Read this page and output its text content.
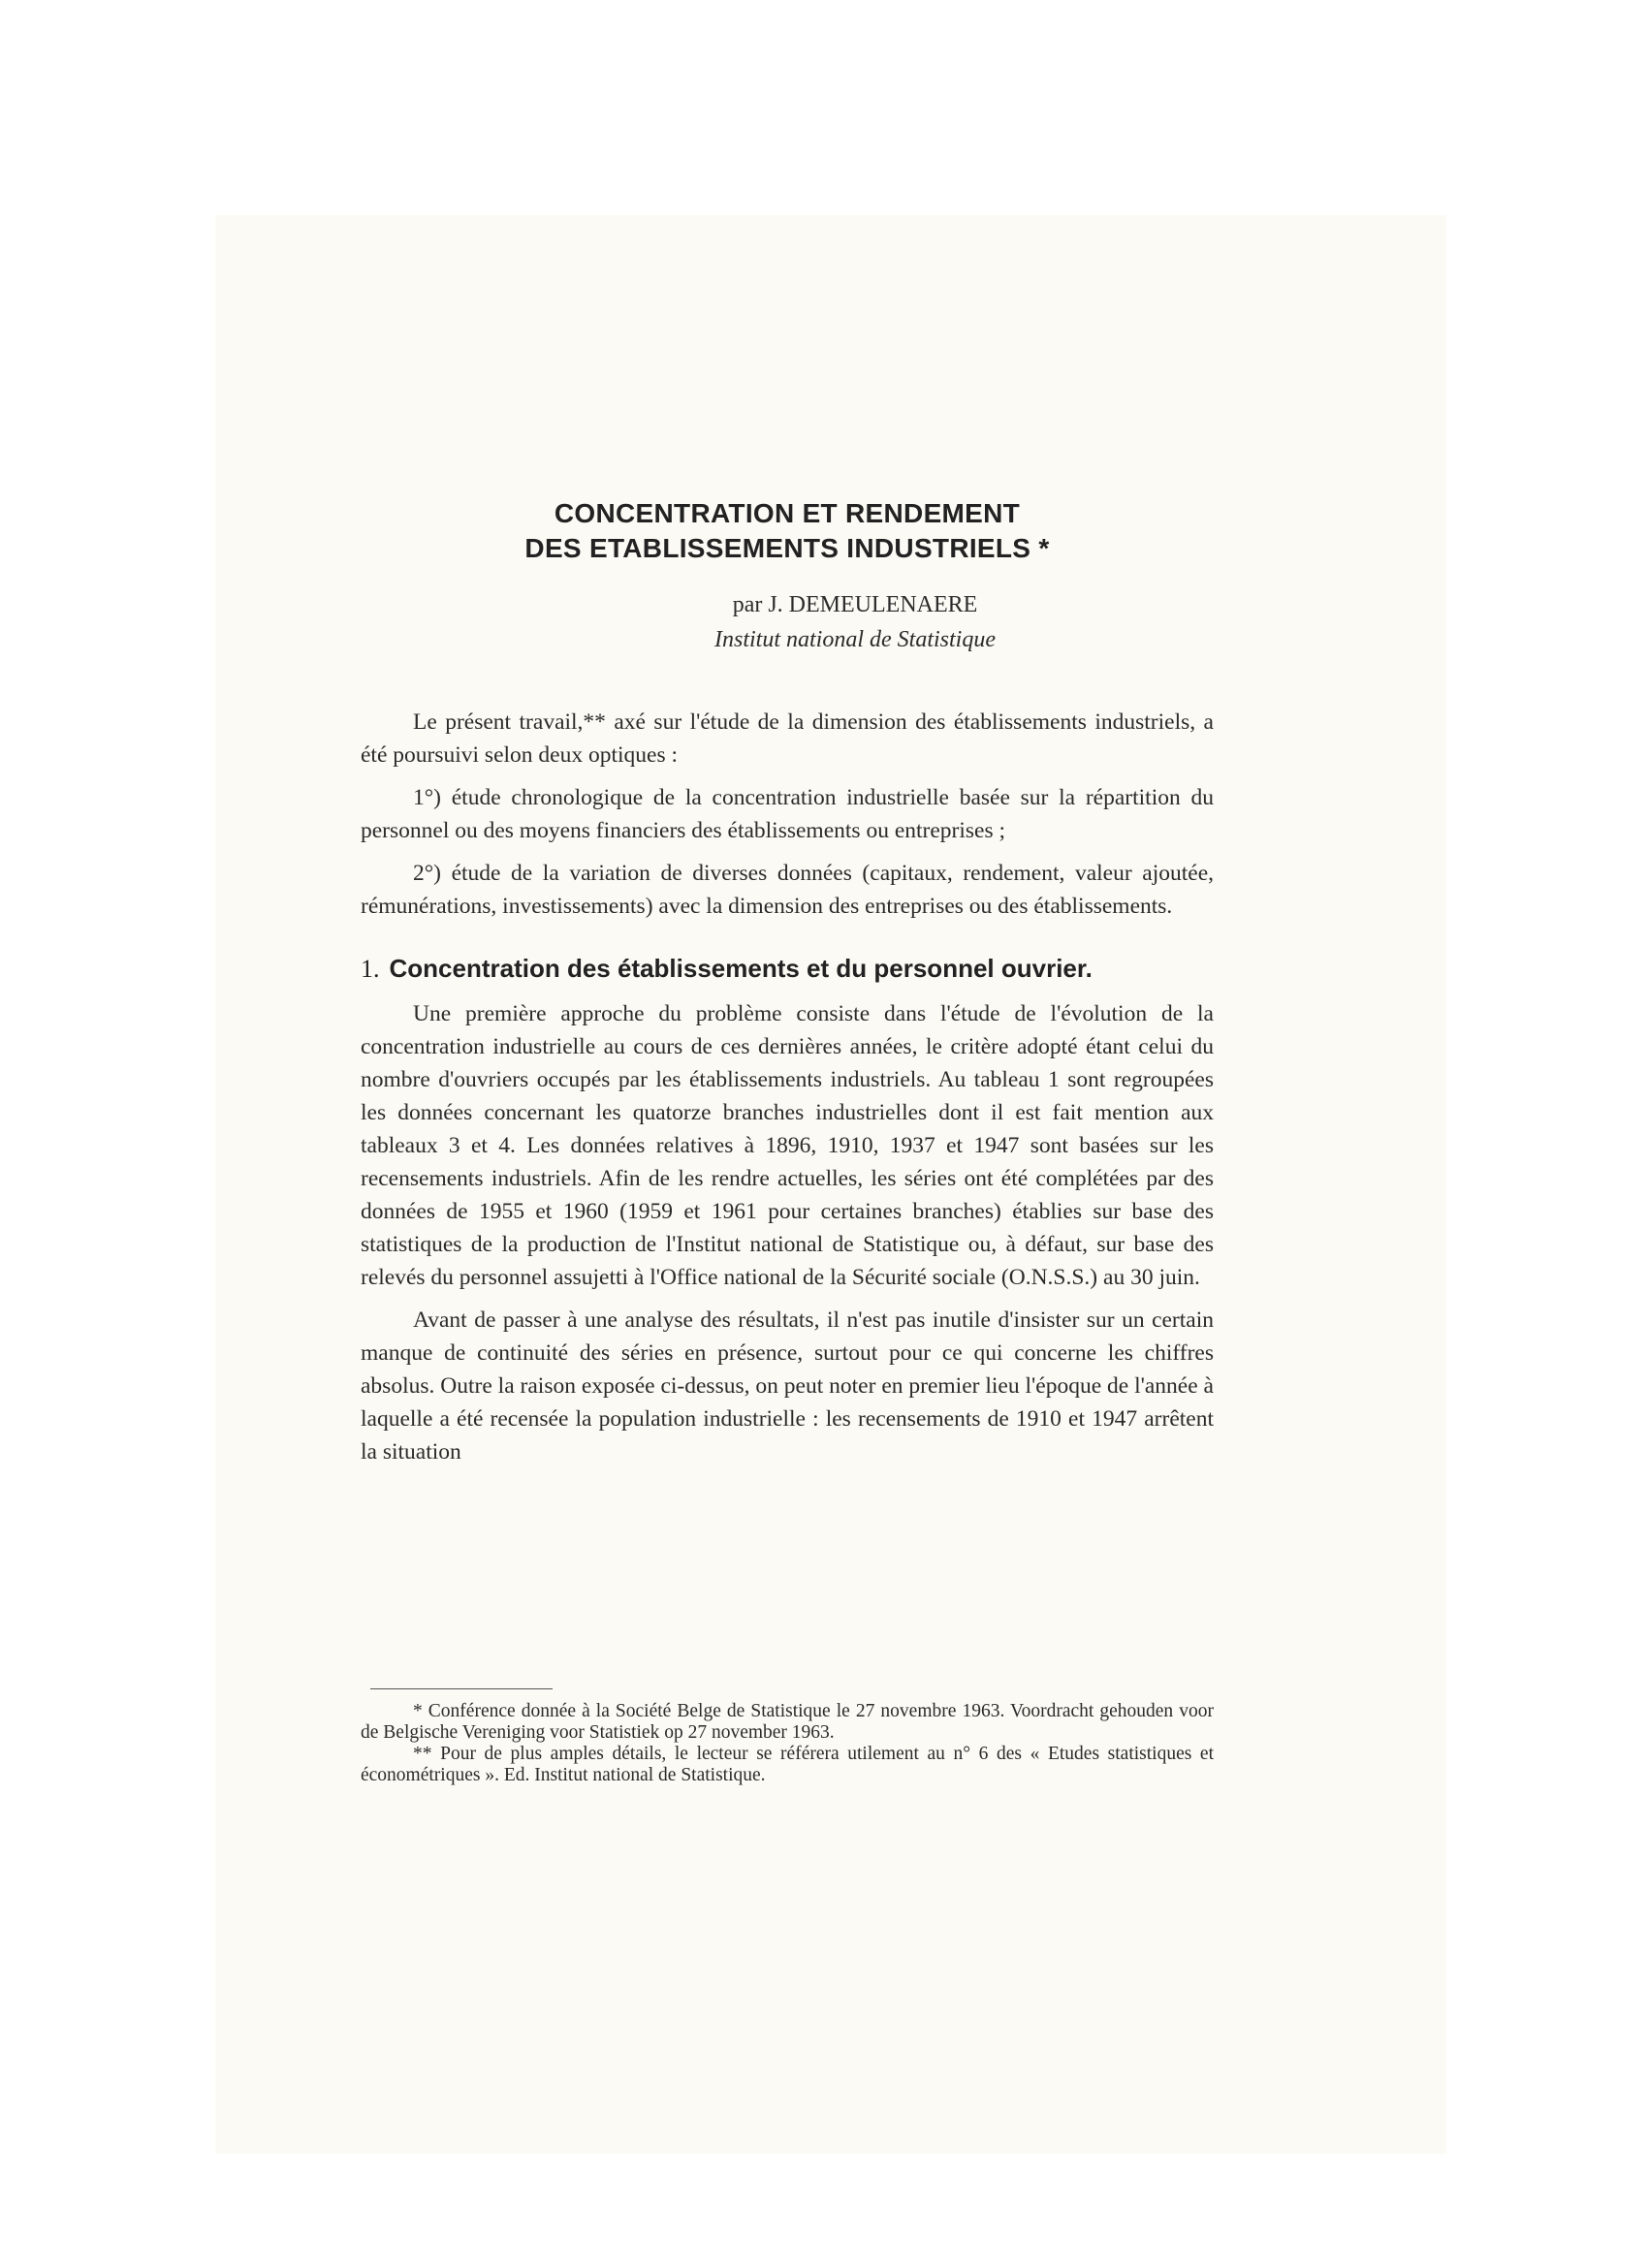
CONCENTRATION ET RENDEMENT
DES ETABLISSEMENTS INDUSTRIELS *
par J. DEMEULENAERE
Institut national de Statistique

Le présent travail,** axé sur l'étude de la dimension des établissements industriels, a été poursuivi selon deux optiques :

1°) étude chronologique de la concentration industrielle basée sur la répartition du personnel ou des moyens financiers des établissements ou entreprises ;

2°) étude de la variation de diverses données (capitaux, rendement, valeur ajoutée, rémunérations, investissements) avec la dimension des entreprises ou des établissements.

1. Concentration des établissements et du personnel ouvrier.

Une première approche du problème consiste dans l'étude de l'évolution de la concentration industrielle au cours de ces dernières années, le critère adopté étant celui du nombre d'ouvriers occupés par les établissements industriels. Au tableau 1 sont regroupées les données concernant les quatorze branches industrielles dont il est fait mention aux tableaux 3 et 4. Les données relatives à 1896, 1910, 1937 et 1947 sont basées sur les recensements industriels. Afin de les rendre actuelles, les séries ont été complétées par des données de 1955 et 1960 (1959 et 1961 pour certaines branches) établies sur base des statistiques de la production de l'Institut national de Statistique ou, à défaut, sur base des relevés du personnel assujetti à l'Office national de la Sécurité sociale (O.N.S.S.) au 30 juin.

Avant de passer à une analyse des résultats, il n'est pas inutile d'insister sur un certain manque de continuité des séries en présence, surtout pour ce qui concerne les chiffres absolus. Outre la raison exposée ci-dessus, on peut noter en premier lieu l'époque de l'année à laquelle a été recensée la population industrielle : les recensements de 1910 et 1947 arrêtent la situation

* Conférence donnée à la Société Belge de Statistique le 27 novembre 1963. Voordracht gehouden voor de Belgische Vereniging voor Statistiek op 27 november 1963.

** Pour de plus amples détails, le lecteur se référera utilement au n° 6 des « Etudes statistiques et économétriques ». Ed. Institut national de Statistique.
